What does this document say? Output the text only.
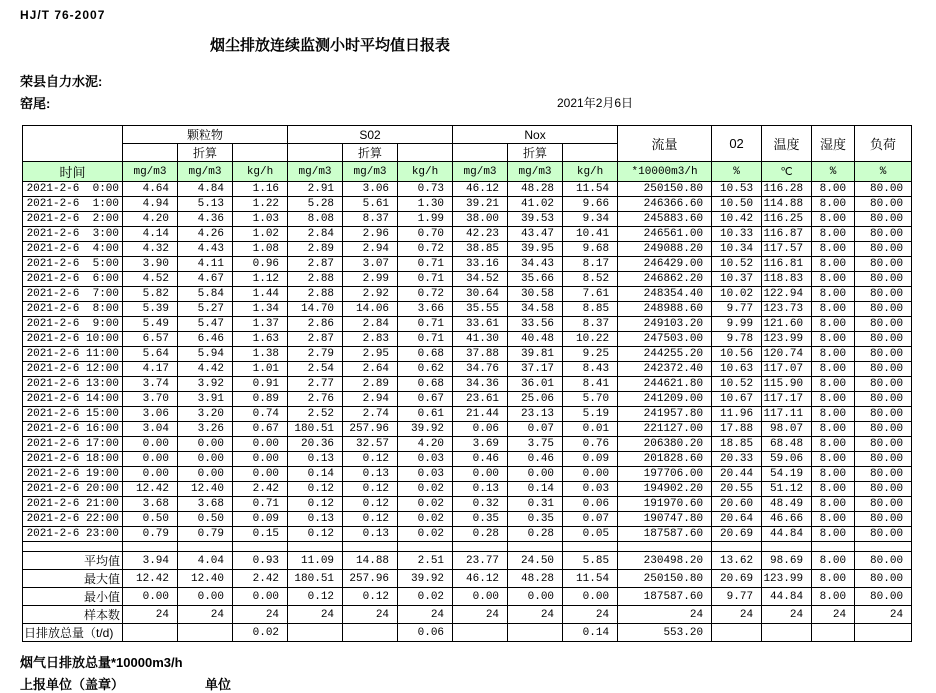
HJ/T 76-2007
烟尘排放连续监测小时平均值日报表
荣县自力水泥:
窑尾:	2021年2月6日
	颗粒物			S02			Nox			流量	02	温度	湿度	负荷
		折算			折算			折算						
时间	mg/m3	mg/m3	kg/h	mg/m3	mg/m3	kg/h	mg/m3	mg/m3	kg/h	*10000m3/h	%	℃	%	%
2021-2-6  0:00	4.64	4.84	1.16	2.91	3.06	0.73	46.12	48.28	11.54	250150.80	10.53	116.28	8.00	80.00
2021-2-6  1:00	4.94	5.13	1.22	5.28	5.61	1.30	39.21	41.02	9.66	246366.60	10.50	114.88	8.00	80.00
2021-2-6  2:00	4.20	4.36	1.03	8.08	8.37	1.99	38.00	39.53	9.34	245883.60	10.42	116.25	8.00	80.00
2021-2-6  3:00	4.14	4.26	1.02	2.84	2.96	0.70	42.23	43.47	10.41	246561.00	10.33	116.87	8.00	80.00
2021-2-6  4:00	4.32	4.43	1.08	2.89	2.94	0.72	38.85	39.95	9.68	249088.20	10.34	117.57	8.00	80.00
2021-2-6  5:00	3.90	4.11	0.96	2.87	3.07	0.71	33.16	34.43	8.17	246429.00	10.52	116.81	8.00	80.00
2021-2-6  6:00	4.52	4.67	1.12	2.88	2.99	0.71	34.52	35.66	8.52	246862.20	10.37	118.83	8.00	80.00
2021-2-6  7:00	5.82	5.84	1.44	2.88	2.92	0.72	30.64	30.58	7.61	248354.40	10.02	122.94	8.00	80.00
2021-2-6  8:00	5.39	5.27	1.34	14.70	14.06	3.66	35.55	34.58	8.85	248988.60	9.77	123.73	8.00	80.00
2021-2-6  9:00	5.49	5.47	1.37	2.86	2.84	0.71	33.61	33.56	8.37	249103.20	9.99	121.60	8.00	80.00
2021-2-6 10:00	6.57	6.46	1.63	2.87	2.83	0.71	41.30	40.48	10.22	247503.00	9.78	123.99	8.00	80.00
2021-2-6 11:00	5.64	5.94	1.38	2.79	2.95	0.68	37.88	39.81	9.25	244255.20	10.56	120.74	8.00	80.00
2021-2-6 12:00	4.17	4.42	1.01	2.54	2.64	0.62	34.76	37.17	8.43	242372.40	10.63	117.07	8.00	80.00
2021-2-6 13:00	3.74	3.92	0.91	2.77	2.89	0.68	34.36	36.01	8.41	244621.80	10.52	115.90	8.00	80.00
2021-2-6 14:00	3.70	3.91	0.89	2.76	2.94	0.67	23.61	25.06	5.70	241209.00	10.67	117.17	8.00	80.00
2021-2-6 15:00	3.06	3.20	0.74	2.52	2.74	0.61	21.44	23.13	5.19	241957.80	11.96	117.11	8.00	80.00
2021-2-6 16:00	3.04	3.26	0.67	180.51	257.96	39.92	0.06	0.07	0.01	221127.00	17.88	98.07	8.00	80.00
2021-2-6 17:00	0.00	0.00	0.00	20.36	32.57	4.20	3.69	3.75	0.76	206380.20	18.85	68.48	8.00	80.00
2021-2-6 18:00	0.00	0.00	0.00	0.13	0.12	0.03	0.46	0.46	0.09	201828.60	20.33	59.06	8.00	80.00
2021-2-6 19:00	0.00	0.00	0.00	0.14	0.13	0.03	0.00	0.00	0.00	197706.00	20.44	54.19	8.00	80.00
2021-2-6 20:00	12.42	12.40	2.42	0.12	0.12	0.02	0.13	0.14	0.03	194902.20	20.55	51.12	8.00	80.00
2021-2-6 21:00	3.68	3.68	0.71	0.12	0.12	0.02	0.32	0.31	0.06	191970.60	20.60	48.49	8.00	80.00
2021-2-6 22:00	0.50	0.50	0.09	0.13	0.12	0.02	0.35	0.35	0.07	190747.80	20.64	46.66	8.00	80.00
2021-2-6 23:00	0.79	0.79	0.15	0.12	0.13	0.02	0.28	0.28	0.05	187587.60	20.69	44.84	8.00	80.00

平均值	3.94	4.04	0.93	11.09	14.88	2.51	23.77	24.50	5.85	230498.20	13.62	98.69	8.00	80.00
最大值	12.42	12.40	2.42	180.51	257.96	39.92	46.12	48.28	11.54	250150.80	20.69	123.99	8.00	80.00
最小值	0.00	0.00	0.00	0.12	0.12	0.02	0.00	0.00	0.00	187587.60	9.77	44.84	8.00	80.00
样本数	24	24	24	24	24	24	24	24	24	24	24	24	24	24
日排放总量（t/d)			0.02			0.06			0.14	553.20				
烟气日排放总量*10000m3/h
上报单位（盖章）	单位
